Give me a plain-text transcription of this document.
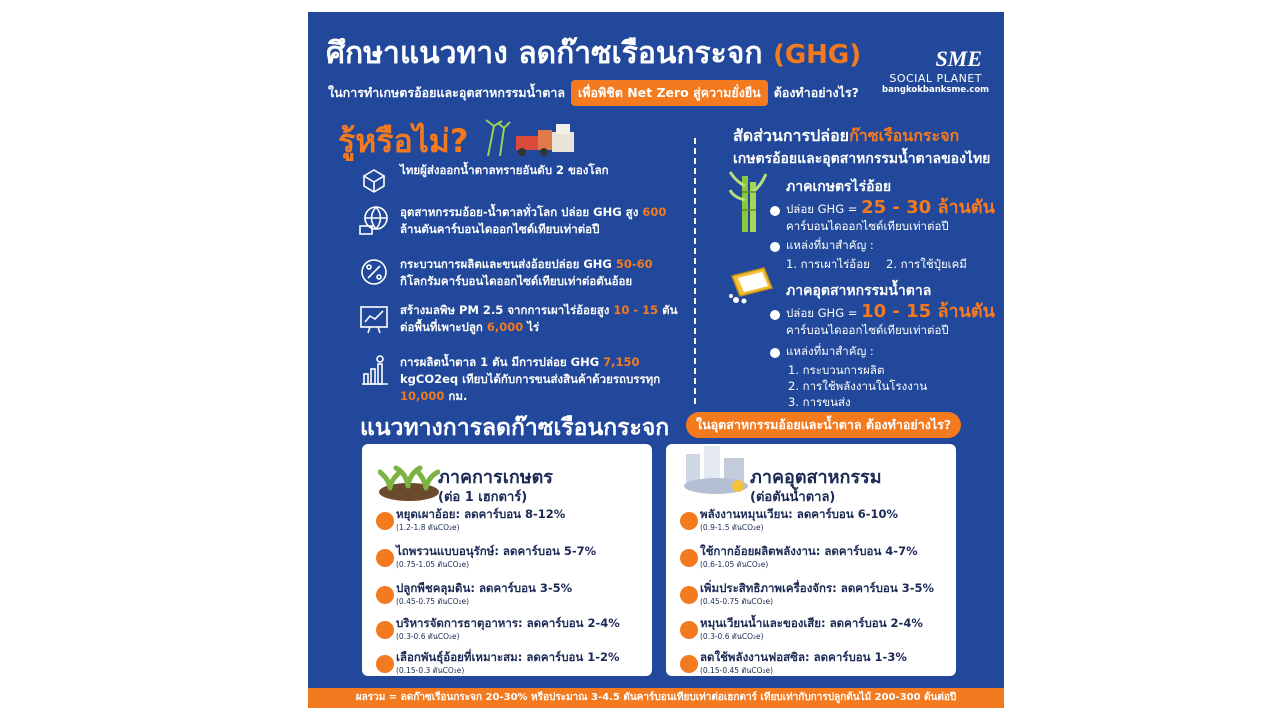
ศึกษาแนวทาง ลดก๊าซเรือนกระจก (GHG)
ในการทำเกษตรอ้อยและอุตสาหกรรมน้ำตาล	เพื่อพิชิต Net Zero สู่ความยั่งยืน	ต้องทำอย่างไร?
SME
SOCIAL PLANET
bangkokbanksme.com
รู้หรือไม่?
ไทยผู้ส่งออกน้ำตาลทรายอันดับ 2 ของโลก
อุตสาหกรรมอ้อย-น้ำตาลทั่วโลก ปล่อย GHG สูง 600 ล้านตันคาร์บอนไดออกไซด์เทียบเท่าต่อปี
กระบวนการผลิตและขนส่งอ้อยปล่อย GHG 50-60 กิโลกรัมคาร์บอนไดออกไซด์เทียบเท่าต่อตันอ้อย
สร้างมลพิษ PM 2.5 จากการเผาไร่อ้อยสูง 10 - 15 ตันต่อพื้นที่เพาะปลูก 6,000 ไร่
การผลิตน้ำตาล 1 ตัน มีการปล่อย GHG 7,150 kgCO2eq เทียบได้กับการขนส่งสินค้าด้วยรถบรรทุก 10,000 กม.
สัดส่วนการปล่อยก๊าซเรือนกระจก
เกษตรอ้อยและอุตสาหกรรมน้ำตาลของไทย
ภาคเกษตรไร่อ้อย
ปล่อย GHG = 25 - 30 ล้านตัน
คาร์บอนไดออกไซด์เทียบเท่าต่อปี
แหล่งที่มาสำคัญ :
1. การเผาไร่อ้อย 2. การใช้ปุ๋ยเคมี
ภาคอุตสาหกรรมน้ำตาล
ปล่อย GHG = 10 - 15 ล้านตัน
คาร์บอนไดออกไซด์เทียบเท่าต่อปี
แหล่งที่มาสำคัญ :
1. กระบวนการผลิต
2. การใช้พลังงานในโรงงาน
3. การขนส่ง
แนวทางการลดก๊าซเรือนกระจก	ในอุตสาหกรรมอ้อยและน้ำตาล ต้องทำอย่างไร?
ภาคการเกษตร
(ต่อ 1 เฮกตาร์)
หยุดเผาอ้อย: ลดคาร์บอน 8-12%
(1.2-1.8 ตันCO₂e)
ไถพรวนแบบอนุรักษ์: ลดคาร์บอน 5-7%
(0.75-1.05 ตันCO₂e)
ปลูกพืชคลุมดิน: ลดคาร์บอน 3-5%
(0.45-0.75 ตันCO₂e)
บริหารจัดการธาตุอาหาร: ลดคาร์บอน 2-4%
(0.3-0.6 ตันCO₂e)
เลือกพันธุ์อ้อยที่เหมาะสม: ลดคาร์บอน 1-2%
(0.15-0.3 ตันCO₂e)
ภาคอุตสาหกรรม
(ต่อตันน้ำตาล)
พลังงานหมุนเวียน: ลดคาร์บอน 6-10%
(0.9-1.5 ตันCO₂e)
ใช้กากอ้อยผลิตพลังงาน: ลดคาร์บอน 4-7%
(0.6-1.05 ตันCO₂e)
เพิ่มประสิทธิภาพเครื่องจักร: ลดคาร์บอน 3-5%
(0.45-0.75 ตันCO₂e)
หมุนเวียนน้ำและของเสีย: ลดคาร์บอน 2-4%
(0.3-0.6 ตันCO₂e)
ลดใช้พลังงานฟอสซิล: ลดคาร์บอน 1-3%
(0.15-0.45 ตันCO₂e)
ผลรวม = ลดก๊าซเรือนกระจก 20-30% หรือประมาณ 3-4.5 ตันคาร์บอนเทียบเท่าต่อเฮกตาร์ เทียบเท่ากับการปลูกต้นไม้ 200-300 ต้นต่อปี
